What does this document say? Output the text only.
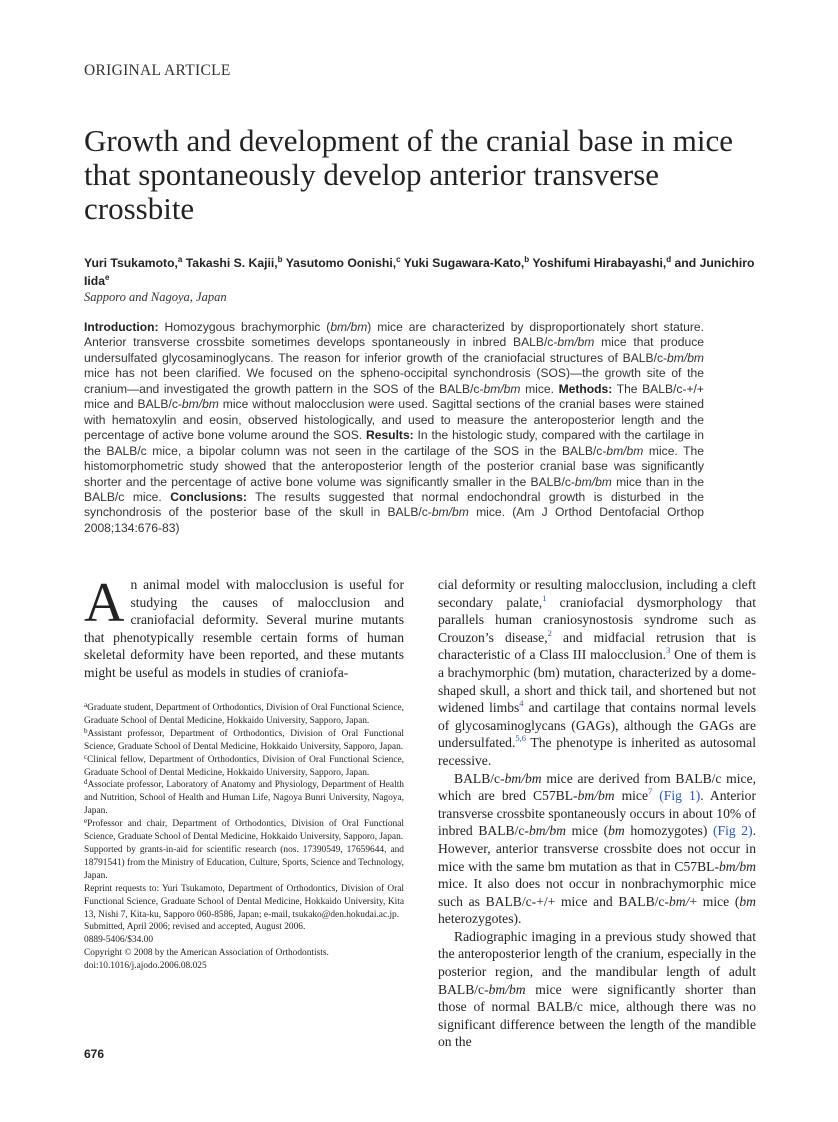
ORIGINAL ARTICLE
Growth and development of the cranial base in mice that spontaneously develop anterior transverse crossbite
Yuri Tsukamoto,$^a$ Takashi S. Kajii,$^b$ Yasutomo Oonishi,$^c$ Yuki Sugawara-Kato,$^b$ Yoshifumi Hirabayashi,$^d$ and Junichiro Iida$^e$
Sapporo and Nagoya, Japan
Introduction: Homozygous brachymorphic (bm/bm) mice are characterized by disproportionately short stature. Anterior transverse crossbite sometimes develops spontaneously in inbred BALB/c-bm/bm mice that produce undersulfated glycosaminoglycans. The reason for inferior growth of the craniofacial structures of BALB/c-bm/bm mice has not been clarified. We focused on the spheno-occipital synchondrosis (SOS)—the growth site of the cranium—and investigated the growth pattern in the SOS of the BALB/c-bm/bm mice. Methods: The BALB/c-+/+ mice and BALB/c-bm/bm mice without malocclusion were used. Sagittal sections of the cranial bases were stained with hematoxylin and eosin, observed histologically, and used to measure the anteroposterior length and the percentage of active bone volume around the SOS. Results: In the histologic study, compared with the cartilage in the BALB/c mice, a bipolar column was not seen in the cartilage of the SOS in the BALB/c-bm/bm mice. The histomorphometric study showed that the anteroposterior length of the posterior cranial base was significantly shorter and the percentage of active bone volume was significantly smaller in the BALB/c-bm/bm mice than in the BALB/c mice. Conclusions: The results suggested that normal endochondral growth is disturbed in the synchondrosis of the posterior base of the skull in BALB/c-bm/bm mice. (Am J Orthod Dentofacial Orthop 2008;134:676-83)

An animal model with malocclusion is useful for studying the causes of malocclusion and craniofacial deformity. Several murine mutants that phenotypically resemble certain forms of human skeletal deformity have been reported, and these mutants might be useful as models in studies of craniofa-

$^a$Graduate student, Department of Orthodontics, Division of Oral Functional Science, Graduate School of Dental Medicine, Hokkaido University, Sapporo, Japan.

$^b$Assistant professor, Department of Orthodontics, Division of Oral Functional Science, Graduate School of Dental Medicine, Hokkaido University, Sapporo, Japan.

$^c$Clinical fellow, Department of Orthodontics, Division of Oral Functional Science, Graduate School of Dental Medicine, Hokkaido University, Sapporo, Japan.

$^d$Associate professor, Laboratory of Anatomy and Physiology, Department of Health and Nutrition, School of Health and Human Life, Nagoya Bunri University, Nagoya, Japan.

$^e$Professor and chair, Department of Orthodontics, Division of Oral Functional Science, Graduate School of Dental Medicine, Hokkaido University, Sapporo, Japan.

Supported by grants-in-aid for scientific research (nos. 17390549, 17659644, and 18791541) from the Ministry of Education, Culture, Sports, Science and Technology, Japan.

Reprint requests to: Yuri Tsukamoto, Department of Orthodontics, Division of Oral Functional Science, Graduate School of Dental Medicine, Hokkaido University, Kita 13, Nishi 7, Kita-ku, Sapporo 060-8586, Japan; e-mail, tsukako@den.hokudai.ac.jp.

Submitted, April 2006; revised and accepted, August 2006.

0889-5406/$34.00

Copyright © 2008 by the American Association of Orthodontists.

doi:10.1016/j.ajodo.2006.08.025

cial deformity or resulting malocclusion, including a cleft secondary palate,$^1$ craniofacial dysmorphology that parallels human craniosynostosis syndrome such as Crouzon’s disease,$^2$ and midfacial retrusion that is characteristic of a Class III malocclusion.$^3$ One of them is a brachymorphic (bm) mutation, characterized by a dome-shaped skull, a short and thick tail, and shortened but not widened limbs$^4$ and cartilage that contains normal levels of glycosaminoglycans (GAGs), although the GAGs are undersulfated.$^{5,6}$ The phenotype is inherited as autosomal recessive.

BALB/c-bm/bm mice are derived from BALB/c mice, which are bred C57BL-bm/bm mice$^7$ (Fig 1). Anterior transverse crossbite spontaneously occurs in about 10% of inbred BALB/c-bm/bm mice (bm homozygotes) (Fig 2). However, anterior transverse crossbite does not occur in mice with the same bm mutation as that in C57BL-bm/bm mice. It also does not occur in nonbrachymorphic mice such as BALB/c-+/+ mice and BALB/c-bm/+ mice (bm heterozygotes).

Radiographic imaging in a previous study showed that the anteroposterior length of the cranium, especially in the posterior region, and the mandibular length of adult BALB/c-bm/bm mice were significantly shorter than those of normal BALB/c mice, although there was no significant difference between the length of the mandible on the

676
